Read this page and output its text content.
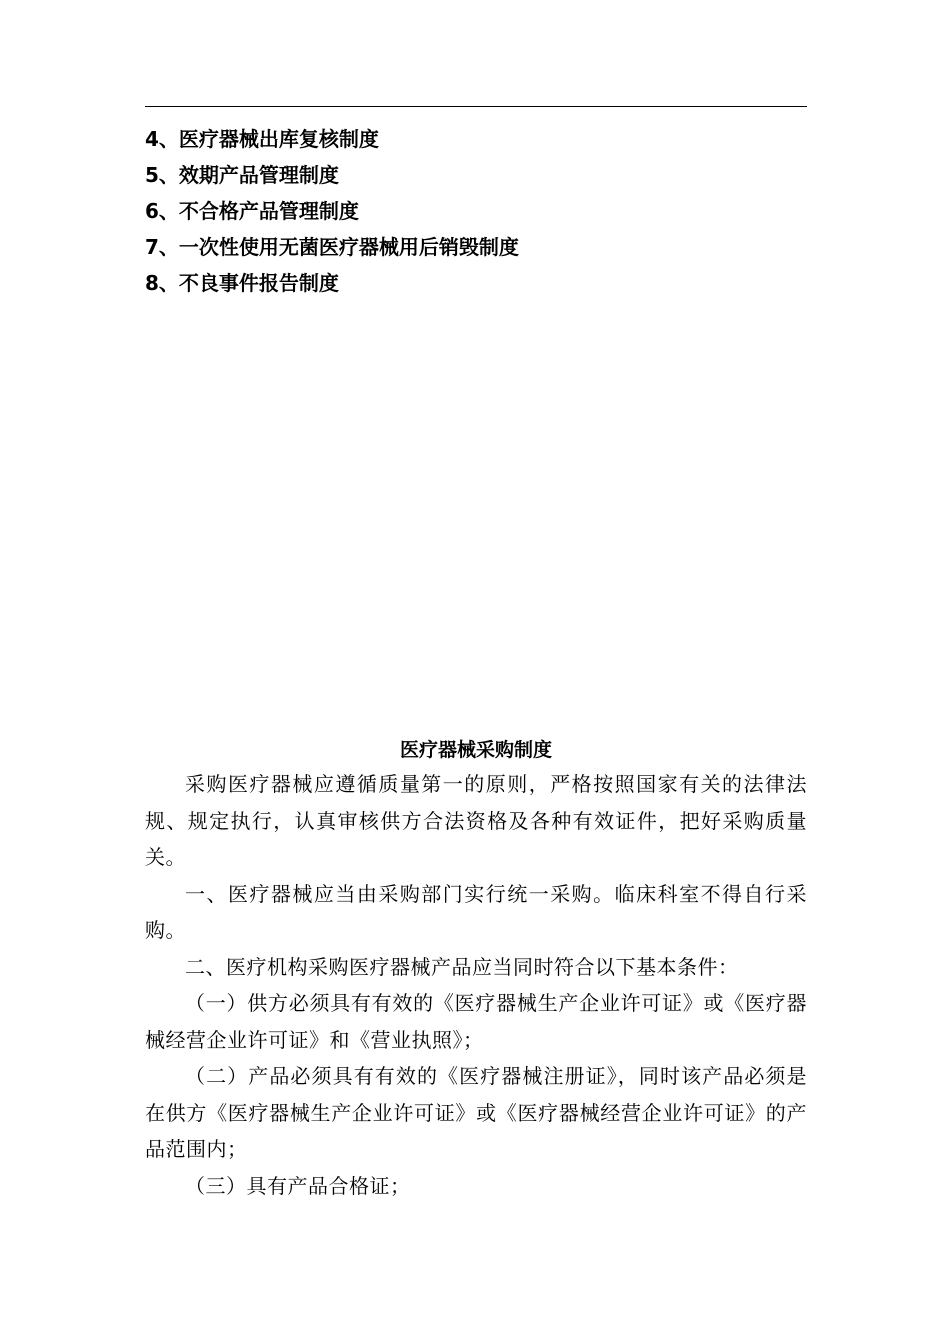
4、医疗器械出库复核制度
5、效期产品管理制度
6、不合格产品管理制度
7、一次性使用无菌医疗器械用后销毁制度
8、不良事件报告制度
医疗器械采购制度

采购医疗器械应遵循质量第一的原则，严格按照国家有关的法律法规、规定执行，认真审核供方合法资格及各种有效证件，把好采购质量关。

一、医疗器械应当由采购部门实行统一采购。临床科室不得自行采购。

二、医疗机构采购医疗器械产品应当同时符合以下基本条件：

（一）供方必须具有有效的《医疗器械生产企业许可证》或《医疗器械经营企业许可证》和《营业执照》；

（二）产品必须具有有效的《医疗器械注册证》，同时该产品必须是在供方《医疗器械生产企业许可证》或《医疗器械经营企业许可证》的产品范围内；

（三）具有产品合格证；
